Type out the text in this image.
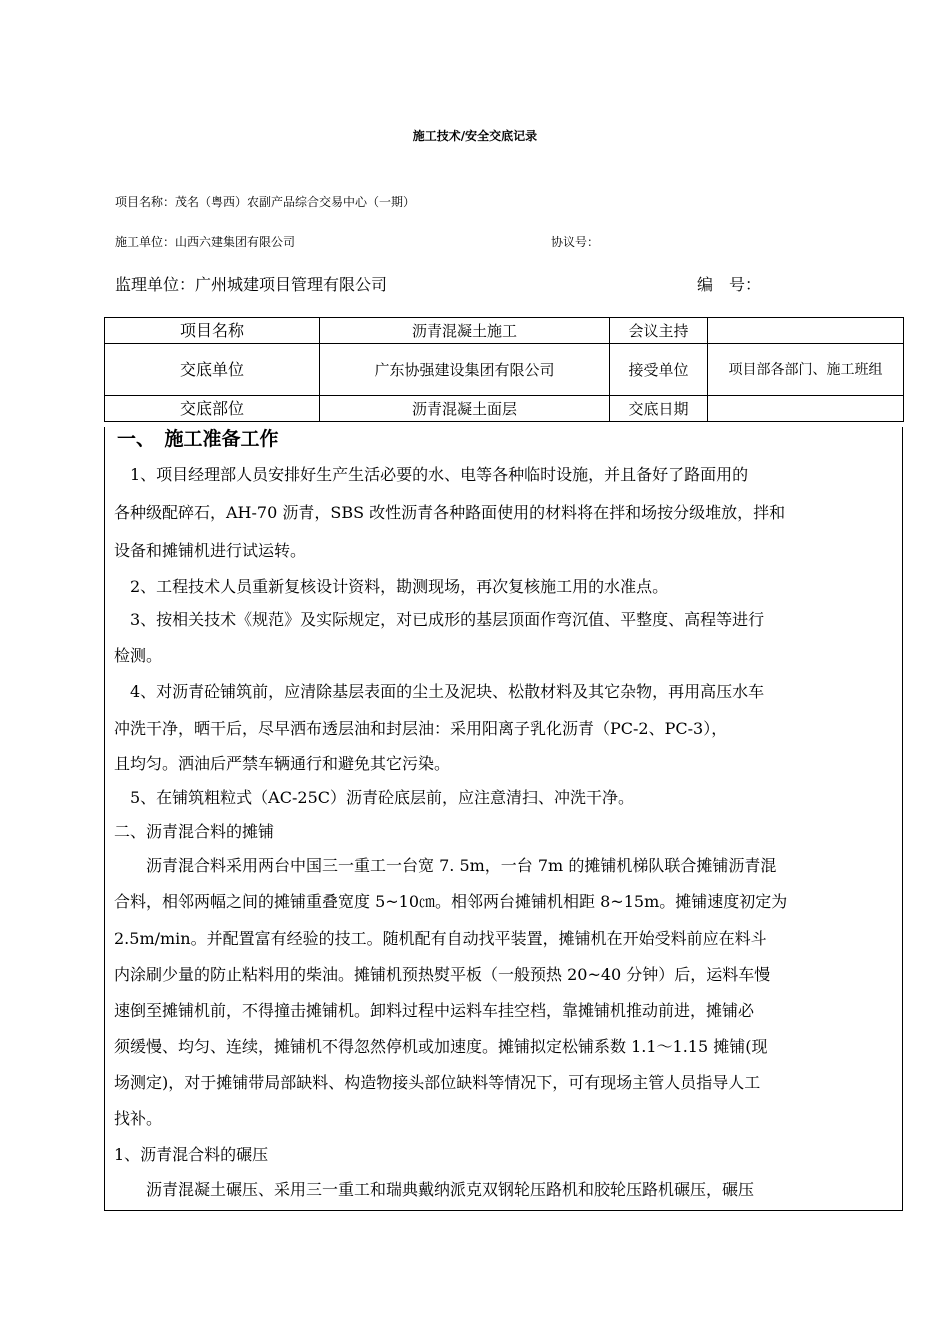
施工技术/安全交底记录
项目名称：茂名（粤西）农副产品综合交易中心（一期）
施工单位：山西六建集团有限公司	协议号：
监理单位：广州城建项目管理有限公司	编　号：
项目名称	沥青混凝土施工	会议主持	
交底单位	广东协强建设集团有限公司	接受单位	项目部各部门、施工班组
交底部位	沥青混凝土面层	交底日期	
一、　施工准备工作
　1、项目经理部人员安排好生产生活必要的水、电等各种临时设施，并且备好了路面用的
各种级配碎石，AH-70 沥青，SBS 改性沥青各种路面使用的材料将在拌和场按分级堆放，拌和
设备和摊铺机进行试运转。
　2、工程技术人员重新复核设计资料，勘测现场，再次复核施工用的水准点。
　3、按相关技术《规范》及实际规定，对已成形的基层顶面作弯沉值、平整度、高程等进行
检测。
　4、对沥青砼铺筑前，应清除基层表面的尘土及泥块、松散材料及其它杂物，再用高压水车
冲洗干净，晒干后，尽早洒布透层油和封层油：采用阳离子乳化沥青（PC-2、PC-3），
且均匀。洒油后严禁车辆通行和避免其它污染。
　5、在铺筑粗粒式（AC-25C）沥青砼底层前，应注意清扫、冲洗干净。
二、沥青混合料的摊铺
　　沥青混合料采用两台中国三一重工一台宽 7. 5m，一台 7m 的摊铺机梯队联合摊铺沥青混
合料，相邻两幅之间的摊铺重叠宽度 5~10㎝。相邻两台摊铺机相距 8~15m。摊铺速度初定为
2.5m/min。并配置富有经验的技工。随机配有自动找平装置，摊铺机在开始受料前应在料斗
内涂刷少量的防止粘料用的柴油。摊铺机预热熨平板（一般预热 20~40 分钟）后，运料车慢
速倒至摊铺机前，不得撞击摊铺机。卸料过程中运料车挂空档，靠摊铺机推动前进，摊铺必
须缓慢、均匀、连续，摊铺机不得忽然停机或加速度。摊铺拟定松铺系数 1.1～1.15 摊铺(现
场测定)，对于摊铺带局部缺料、构造物接头部位缺料等情况下，可有现场主管人员指导人工
找补。
1、沥青混合料的碾压
　　沥青混凝土碾压、采用三一重工和瑞典戴纳派克双钢轮压路机和胶轮压路机碾压，碾压
